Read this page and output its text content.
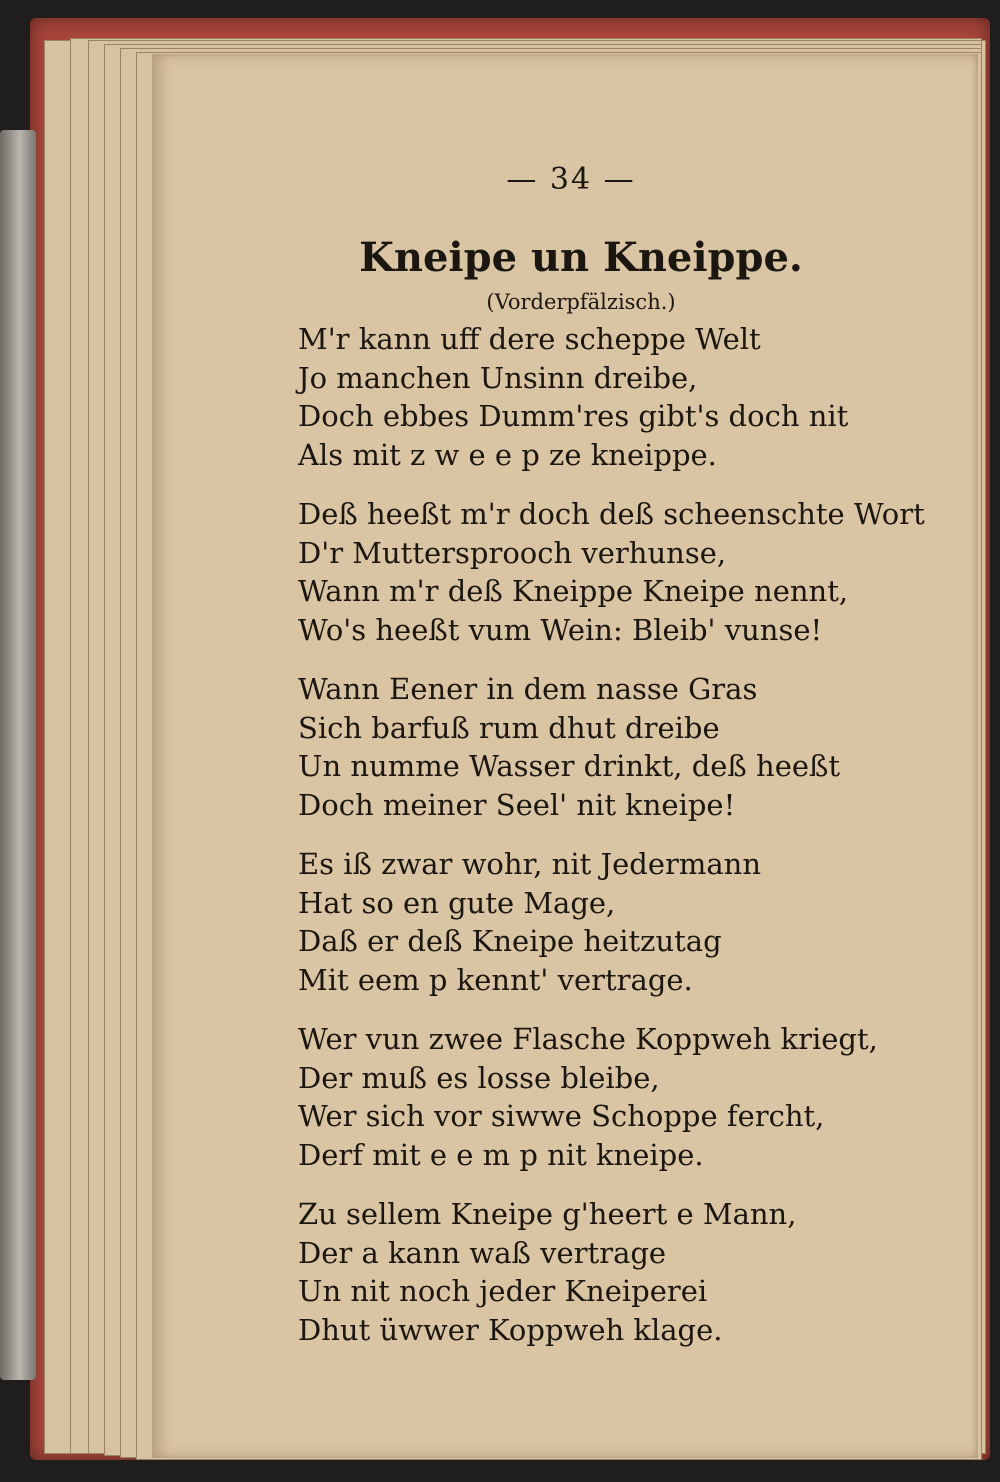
— 34 —
Kneipe un Kneippe.
(Vorderpfälzisch.)
M'r kann uff dere scheppe Welt
Jo manchen Unsinn dreibe,
Doch ebbes Dumm'res gibt's doch nit
Als mit z w e e p ze kneippe.
Deß heeßt m'r doch deß scheenschte Wort
D'r Muttersprooch verhunse,
Wann m'r deß Kneippe Kneipe nennt,
Wo's heeßt vum Wein: Bleib' vunse!
Wann Eener in dem nasse Gras
Sich barfuß rum dhut dreibe
Un numme Wasser drinkt, deß heeßt
Doch meiner Seel' nit kneipe!
Es iß zwar wohr, nit Jedermann
Hat so en gute Mage,
Daß er deß Kneipe heitzutag
Mit eem p kennt' vertrage.
Wer vun zwee Flasche Koppweh kriegt,
Der muß es losse bleibe,
Wer sich vor siwwe Schoppe fercht,
Derf mit e e m p nit kneipe.
Zu sellem Kneipe g'heert e Mann,
Der a kann waß vertrage
Un nit noch jeder Kneiperei
Dhut üwwer Koppweh klage.
